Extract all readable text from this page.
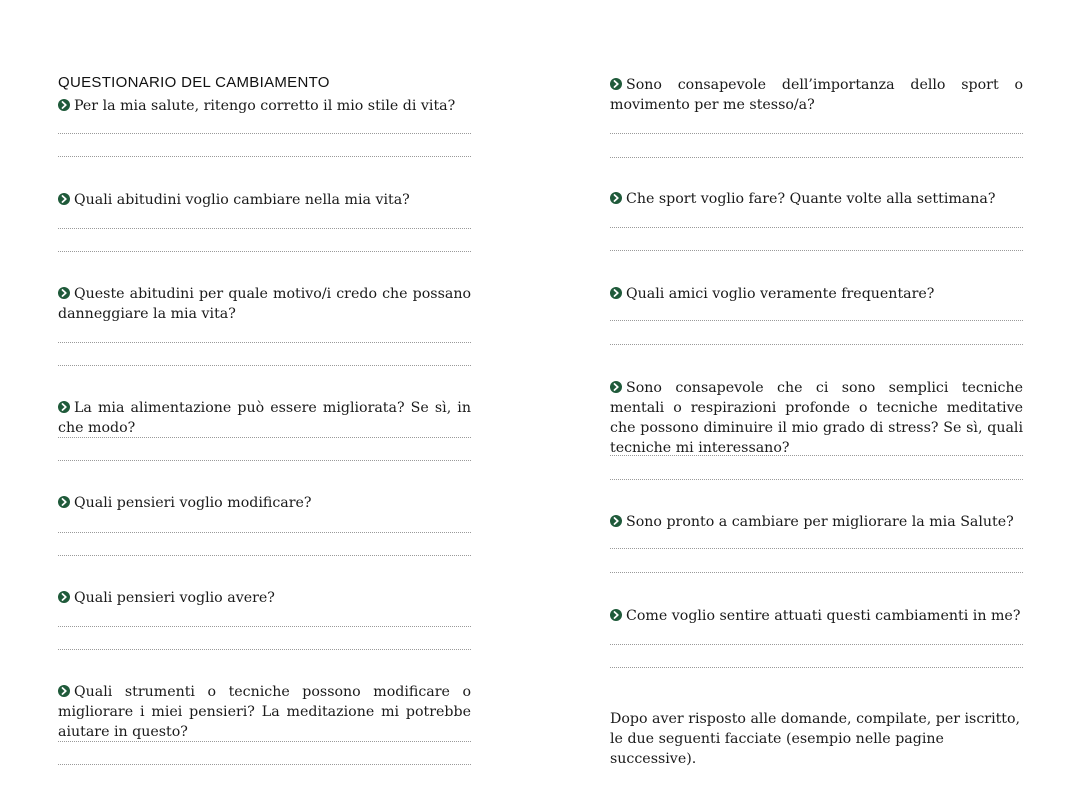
QUESTIONARIO DEL CAMBIAMENTO
Per la mia salute, ritengo corretto il mio stile di vita?
Quali abitudini voglio cambiare nella mia vita?
Queste abitudini per quale motivo/i credo che possano danneggiare la mia vita?
La mia alimentazione può essere migliorata? Se sì, in che modo?
Quali pensieri voglio modificare?
Quali pensieri voglio avere?
Quali strumenti o tecniche possono modificare o migliorare i miei pensieri? La meditazione mi potrebbe aiutare in questo?
Sono consapevole dell’importanza dello sport o movimento per me stesso/a?
Che sport voglio fare? Quante volte alla settimana?
Quali amici voglio veramente frequentare?
Sono consapevole che ci sono semplici tecniche mentali o respirazioni profonde o tecniche meditative che possono diminuire il mio grado di stress? Se sì, quali tecniche mi interessano?
Sono pronto a cambiare per migliorare la mia Salute?
Come voglio sentire attuati questi cambiamenti in me?
Dopo aver risposto alle domande, compilate, per iscritto, le due seguenti facciate (esempio nelle pagine successive).
